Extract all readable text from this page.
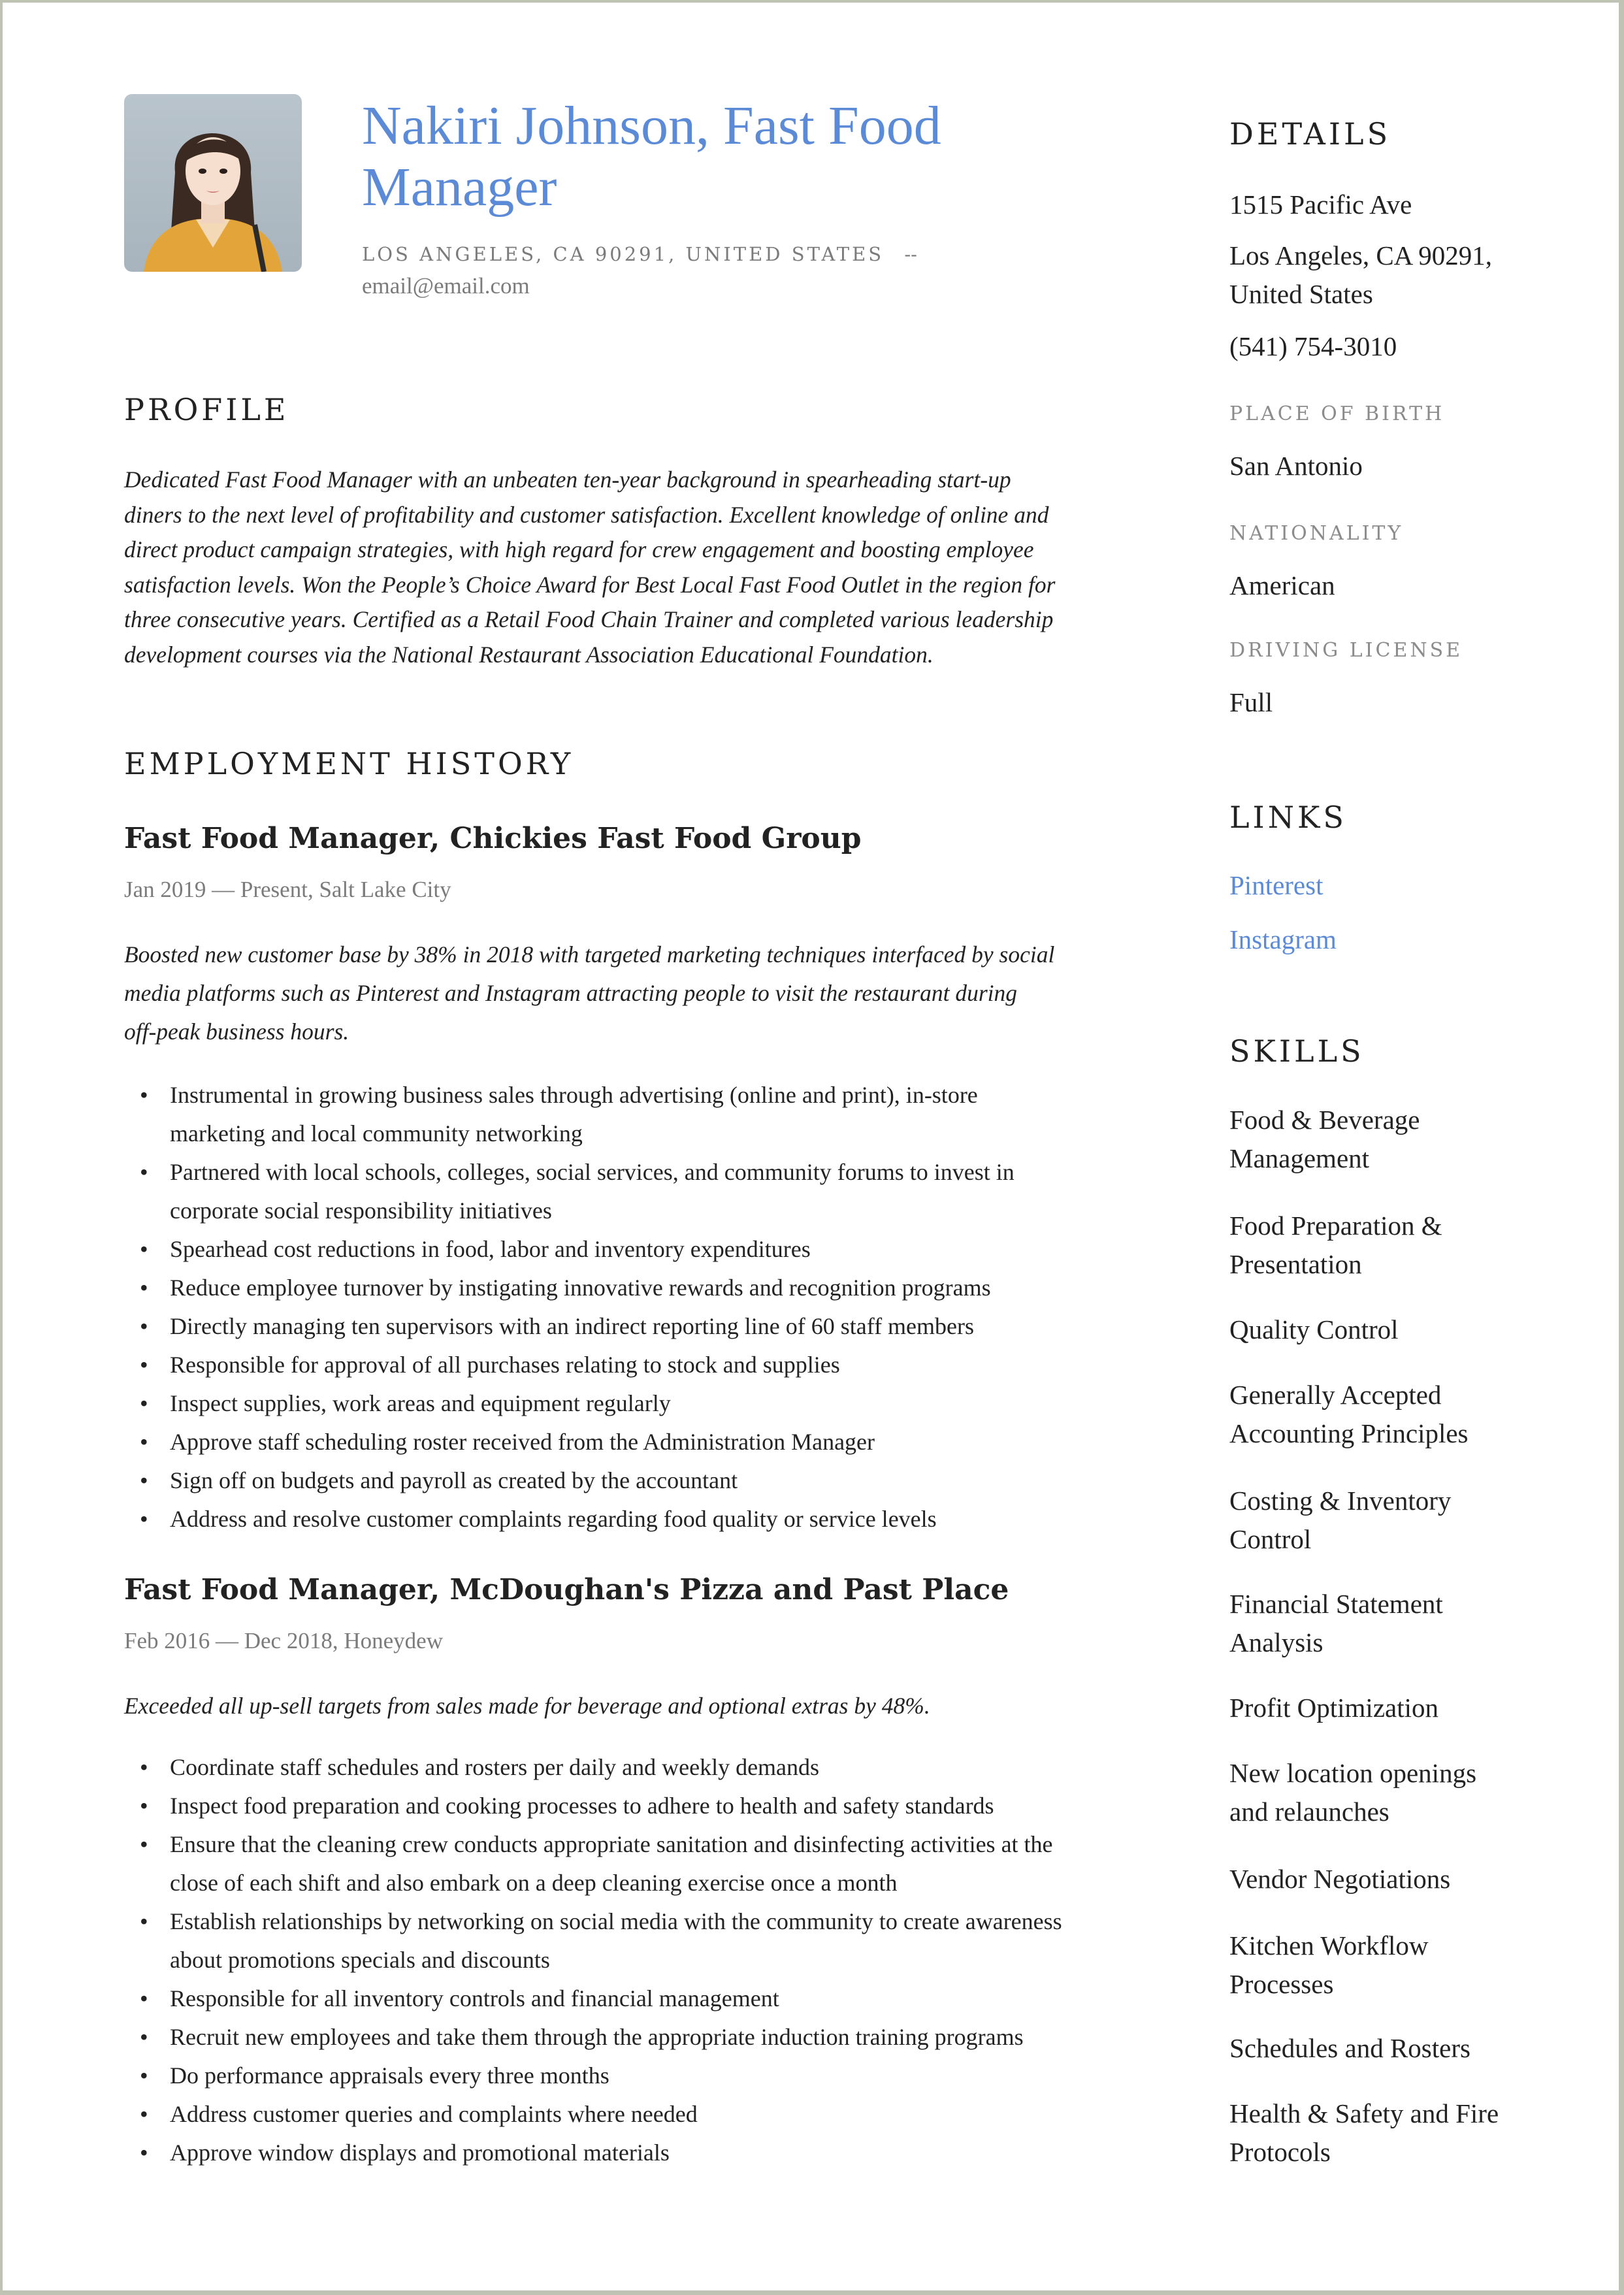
Nakiri Johnson, Fast Food
Manager
LOS ANGELES, CA 90291, UNITED STATES --
email@email.com
PROFILE
Dedicated Fast Food Manager with an unbeaten ten-year background in spearheading start-up
diners to the next level of profitability and customer satisfaction. Excellent knowledge of online and
direct product campaign strategies, with high regard for crew engagement and boosting employee
satisfaction levels. Won the People’s Choice Award for Best Local Fast Food Outlet in the region for
three consecutive years. Certified as a Retail Food Chain Trainer and completed various leadership
development courses via the National Restaurant Association Educational Foundation.
EMPLOYMENT HISTORY
Fast Food Manager, Chickies Fast Food Group
Jan 2019 — Present, Salt Lake City
Boosted new customer base by 38% in 2018 with targeted marketing techniques interfaced by social
media platforms such as Pinterest and Instagram attracting people to visit the restaurant during
off-peak business hours.
• Instrumental in growing business sales through advertising (online and print), in-store
marketing and local community networking
• Partnered with local schools, colleges, social services, and community forums to invest in
corporate social responsibility initiatives
• Spearhead cost reductions in food, labor and inventory expenditures
• Reduce employee turnover by instigating innovative rewards and recognition programs
• Directly managing ten supervisors with an indirect reporting line of 60 staff members
• Responsible for approval of all purchases relating to stock and supplies
• Inspect supplies, work areas and equipment regularly
• Approve staff scheduling roster received from the Administration Manager
• Sign off on budgets and payroll as created by the accountant
• Address and resolve customer complaints regarding food quality or service levels
Fast Food Manager, McDoughan's Pizza and Past Place
Feb 2016 — Dec 2018, Honeydew
Exceeded all up-sell targets from sales made for beverage and optional extras by 48%.
• Coordinate staff schedules and rosters per daily and weekly demands
• Inspect food preparation and cooking processes to adhere to health and safety standards
• Ensure that the cleaning crew conducts appropriate sanitation and disinfecting activities at the
close of each shift and also embark on a deep cleaning exercise once a month
• Establish relationships by networking on social media with the community to create awareness
about promotions specials and discounts
• Responsible for all inventory controls and financial management
• Recruit new employees and take them through the appropriate induction training programs
• Do performance appraisals every three months
• Address customer queries and complaints where needed
• Approve window displays and promotional materials
DETAILS
1515 Pacific Ave
Los Angeles, CA 90291,
United States
(541) 754-3010
PLACE OF BIRTH
San Antonio
NATIONALITY
American
DRIVING LICENSE
Full
LINKS
Pinterest
Instagram
SKILLS
Food & Beverage
Management
Food Preparation &
Presentation
Quality Control
Generally Accepted
Accounting Principles
Costing & Inventory
Control
Financial Statement
Analysis
Profit Optimization
New location openings
and relaunches
Vendor Negotiations
Kitchen Workflow
Processes
Schedules and Rosters
Health & Safety and Fire
Protocols
